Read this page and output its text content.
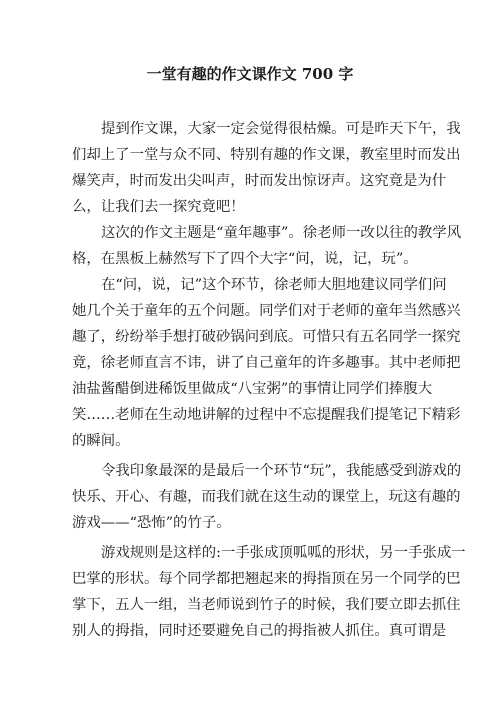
一堂有趣的作文课作文 700 字
提到作文课，大家一定会觉得很枯燥。可是昨天下午，我
们却上了一堂与众不同、特别有趣的作文课，教室里时而发出
爆笑声，时而发出尖叫声，时而发出惊讶声。这究竟是为什
么，让我们去一探究竟吧！
这次的作文主题是“童年趣事”。徐老师一改以往的教学风
格，在黑板上赫然写下了四个大字“问，说，记，玩”。
在“问，说，记”这个环节，徐老师大胆地建议同学们问
她几个关于童年的五个问题。同学们对于老师的童年当然感兴
趣了，纷纷举手想打破砂锅问到底。可惜只有五名同学一探究
竟，徐老师直言不讳，讲了自己童年的许多趣事。其中老师把
油盐酱醋倒进稀饭里做成“八宝粥”的事情让同学们捧腹大
笑……老师在生动地讲解的过程中不忘提醒我们提笔记下精彩
的瞬间。
令我印象最深的是最后一个环节“玩”，我能感受到游戏的
快乐、开心、有趣，而我们就在这生动的课堂上，玩这有趣的
游戏——“恐怖”的竹子。
游戏规则是这样的:一手张成顶呱呱的形状，另一手张成一
巴掌的形状。每个同学都把翘起来的拇指顶在另一个同学的巴
掌下，五人一组，当老师说到竹子的时候，我们要立即去抓住
别人的拇指，同时还要避免自己的拇指被人抓住。真可谓是
